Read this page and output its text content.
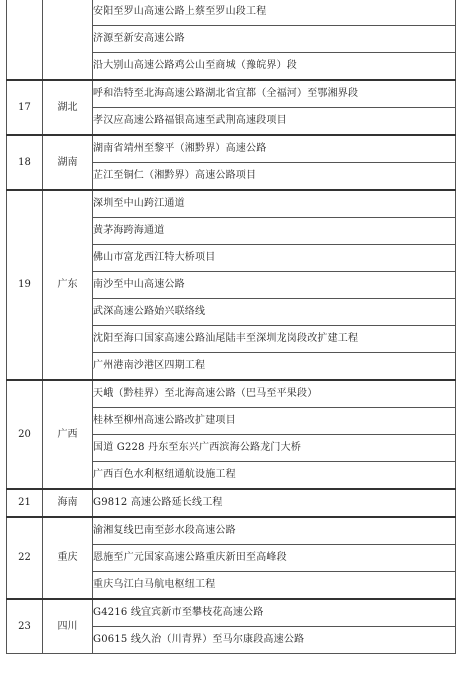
		安阳至罗山高速公路上蔡至罗山段工程
		济源至新安高速公路
		沿大别山高速公路鸡公山至商城（豫皖界）段
17	湖北	呼和浩特至北海高速公路湖北省宜都（全福河）至鄂湘界段
		孝汉应高速公路福银高速至武荆高速段项目
18	湖南	湖南省靖州至黎平（湘黔界）高速公路
		芷江至铜仁（湘黔界）高速公路项目
19	广东	深圳至中山跨江通道
		黄茅海跨海通道
		佛山市富龙西江特大桥项目
		南沙至中山高速公路
		武深高速公路始兴联络线
		沈阳至海口国家高速公路汕尾陆丰至深圳龙岗段改扩建工程
		广州港南沙港区四期工程
20	广西	天峨（黔桂界）至北海高速公路（巴马至平果段）
		桂林至柳州高速公路改扩建项目
		国道 G228 丹东至东兴广西滨海公路龙门大桥
		广西百色水利枢纽通航设施工程
21	海南	G9812 高速公路延长线工程
22	重庆	渝湘复线巴南至彭水段高速公路
		恩施至广元国家高速公路重庆新田至高峰段
		重庆乌江白马航电枢纽工程
23	四川	G4216 线宜宾新市至攀枝花高速公路
		G0615 线久治（川青界）至马尔康段高速公路
